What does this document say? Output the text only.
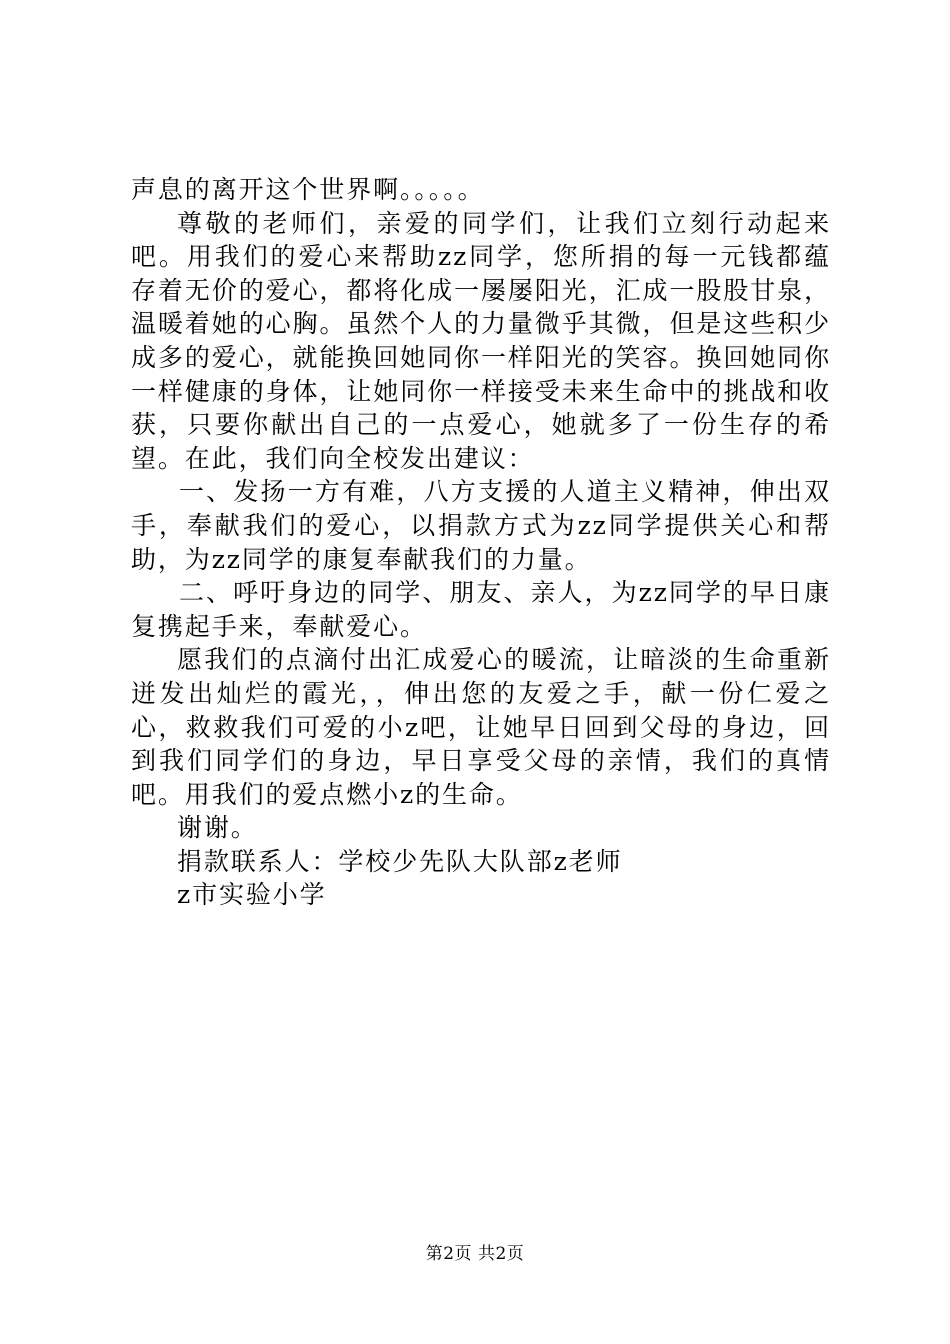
声息的离开这个世界啊。。。。。

尊敬的老师们，亲爱的同学们，让我们立刻行动起来吧。用我们的爱心来帮助zz同学，您所捐的每一元钱都蕴存着无价的爱心，都将化成一屡屡阳光，汇成一股股甘泉，温暖着她的心胸。虽然个人的力量微乎其微，但是这些积少成多的爱心，就能换回她同你一样阳光的笑容。换回她同你一样健康的身体，让她同你一样接受未来生命中的挑战和收获，只要你献出自己的一点爱心，她就多了一份生存的希望。在此，我们向全校发出建议：

一、发扬一方有难，八方支援的人道主义精神，伸出双手，奉献我们的爱心，以捐款方式为zz同学提供关心和帮助，为zz同学的康复奉献我们的力量。

二、呼吁身边的同学、朋友、亲人，为zz同学的早日康复携起手来，奉献爱心。

愿我们的点滴付出汇成爱心的暖流，让暗淡的生命重新迸发出灿烂的霞光，，伸出您的友爱之手，献一份仁爱之心，救救我们可爱的小z吧，让她早日回到父母的身边，回到我们同学们的身边，早日享受父母的亲情，我们的真情吧。用我们的爱点燃小z的生命。

谢谢。

捐款联系人：学校少先队大队部z老师

z市实验小学

第2页 共2页
